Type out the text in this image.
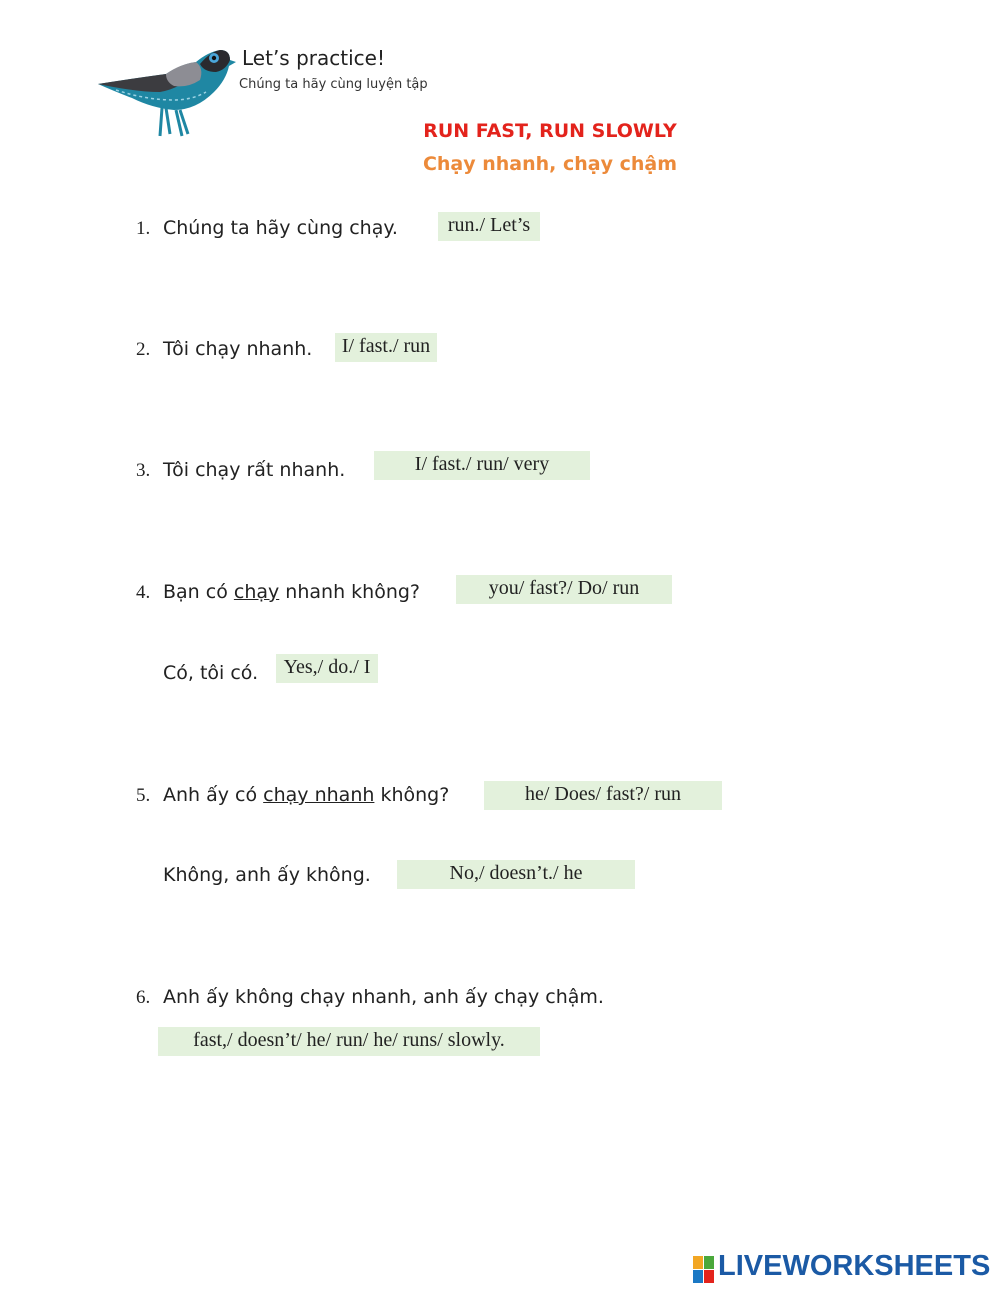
Let’s practice!
Chúng ta hãy cùng luyện tập
RUN FAST, RUN SLOWLY
Chạy nhanh, chạy chậm
1. Chúng ta hãy cùng chạy.	run./ Let’s
2. Tôi chạy nhanh.	I/ fast./ run
3. Tôi chạy rất nhanh.	I/ fast./ run/ very
4. Bạn có chạy nhanh không?	you/ fast?/ Do/ run
Có, tôi có.	Yes,/ do./ I
5. Anh ấy có chạy nhanh không?	he/ Does/ fast?/ run
Không, anh ấy không.	No,/ doesn’t./ he
6. Anh ấy không chạy nhanh, anh ấy chạy chậm.
fast,/ doesn’t/ he/ run/ he/ runs/ slowly.
LIVEWORKSHEETS
